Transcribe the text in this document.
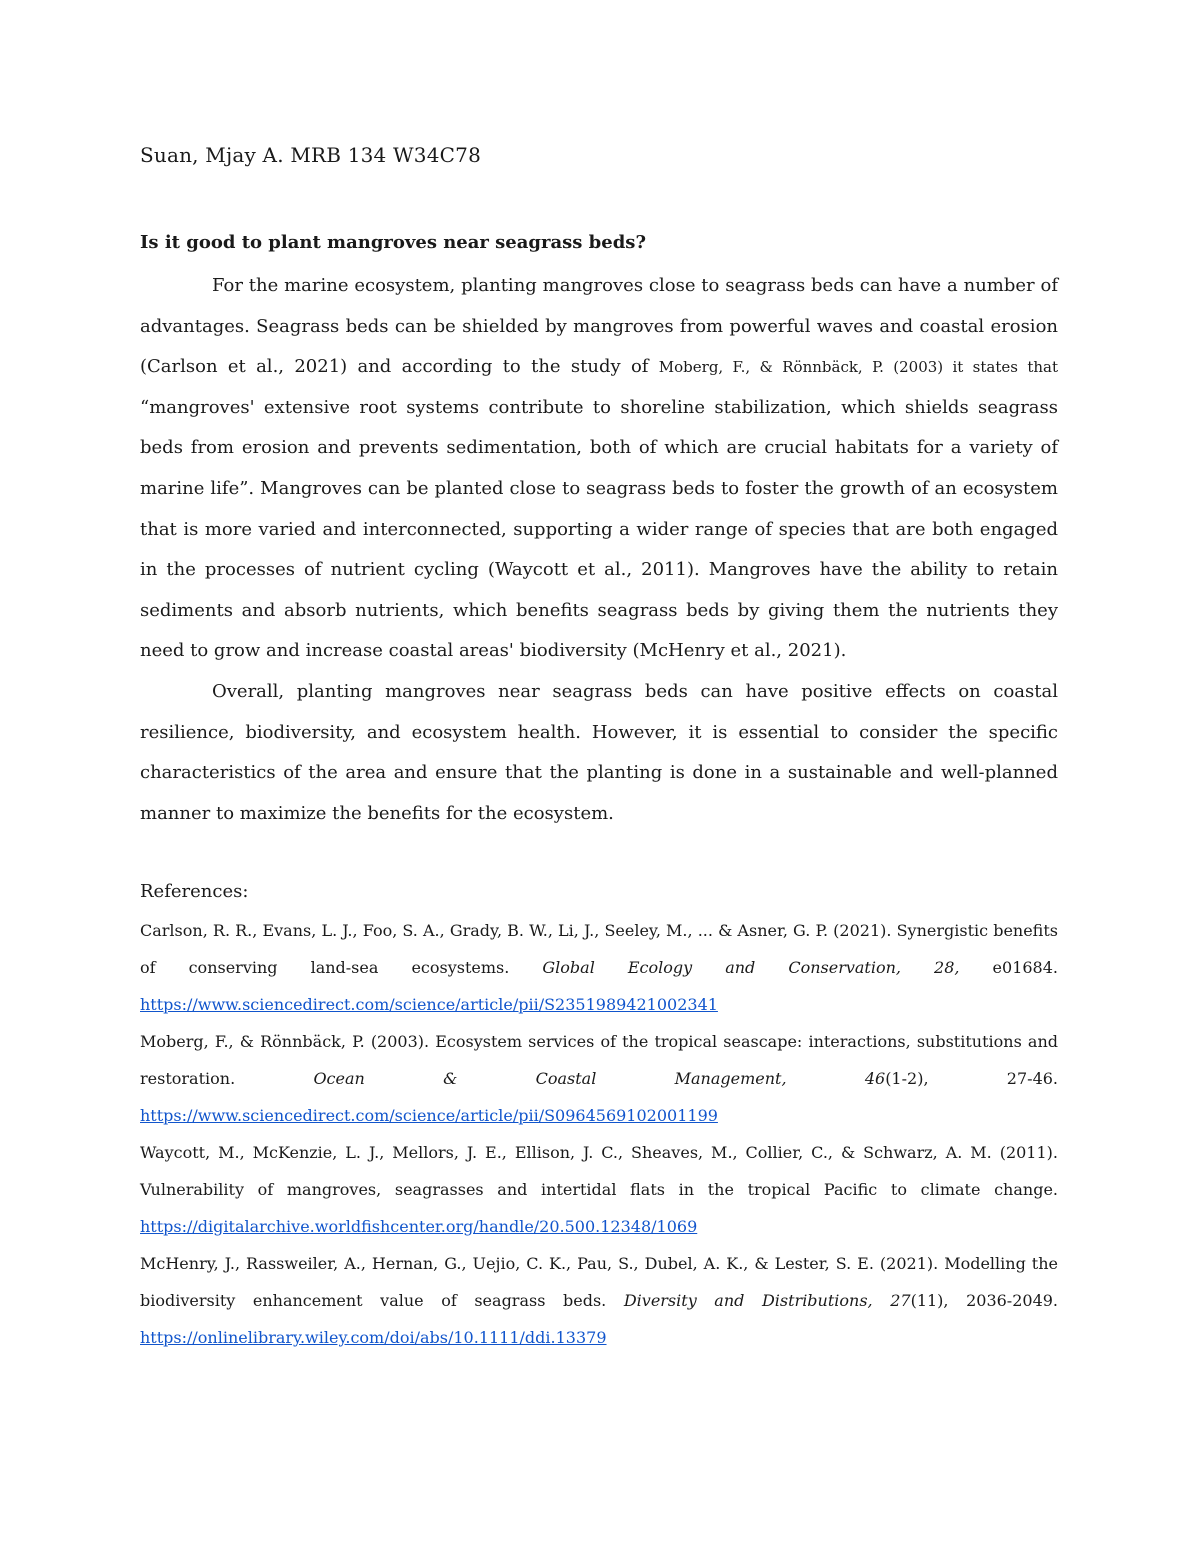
Suan, Mjay A. MRB 134 W34C78
Is it good to plant mangroves near seagrass beds?

For the marine ecosystem, planting mangroves close to seagrass beds can have a number of advantages. Seagrass beds can be shielded by mangroves from powerful waves and coastal erosion (Carlson et al., 2021) and according to the study of Moberg, F., & Rönnbäck, P. (2003) it states that “mangroves' extensive root systems contribute to shoreline stabilization, which shields seagrass beds from erosion and prevents sedimentation, both of which are crucial habitats for a variety of marine life”. Mangroves can be planted close to seagrass beds to foster the growth of an ecosystem that is more varied and interconnected, supporting a wider range of species that are both engaged in the processes of nutrient cycling (Waycott et al., 2011). Mangroves have the ability to retain sediments and absorb nutrients, which benefits seagrass beds by giving them the nutrients they need to grow and increase coastal areas' biodiversity (McHenry et al., 2021).

Overall, planting mangroves near seagrass beds can have positive effects on coastal resilience, biodiversity, and ecosystem health. However, it is essential to consider the specific characteristics of the area and ensure that the planting is done in a sustainable and well-planned manner to maximize the benefits for the ecosystem.

References:

Carlson, R. R., Evans, L. J., Foo, S. A., Grady, B. W., Li, J., Seeley, M., ... & Asner, G. P. (2021). Synergistic benefits of conserving land-sea ecosystems. Global Ecology and Conservation, 28, e01684. https://www.sciencedirect.com/science/article/pii/S2351989421002341

Moberg, F., & Rönnbäck, P. (2003). Ecosystem services of the tropical seascape: interactions, substitutions and restoration. Ocean & Coastal Management, 46(1-2), 27-46. https://www.sciencedirect.com/science/article/pii/S0964569102001199

Waycott, M., McKenzie, L. J., Mellors, J. E., Ellison, J. C., Sheaves, M., Collier, C., & Schwarz, A. M. (2011). Vulnerability of mangroves, seagrasses and intertidal flats in the tropical Pacific to climate change. https://digitalarchive.worldfishcenter.org/handle/20.500.12348/1069

McHenry, J., Rassweiler, A., Hernan, G., Uejio, C. K., Pau, S., Dubel, A. K., & Lester, S. E. (2021). Modelling the biodiversity enhancement value of seagrass beds. Diversity and Distributions, 27(11), 2036-2049. https://onlinelibrary.wiley.com/doi/abs/10.1111/ddi.13379
